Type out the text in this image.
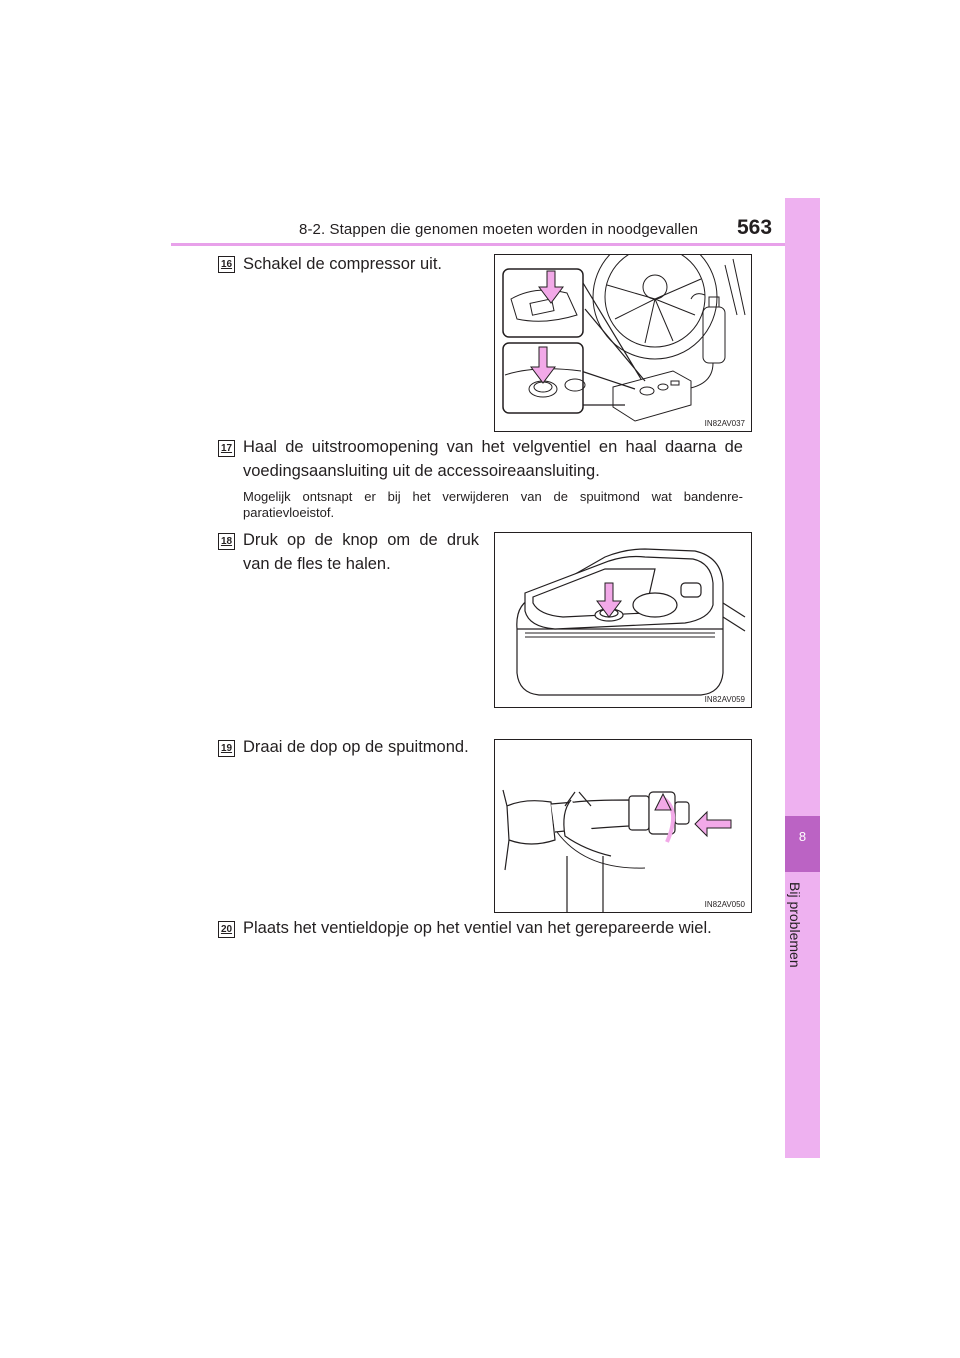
8-2. Stappen die genomen moeten worden in noodgevallen 563
8
Bij problemen
16 Schakel de compressor uit.
IN82AV037
17 Haal de uitstroomopening van het velgventiel en haal daarna de
voedingsaansluiting uit de accessoireaansluiting.
Mogelijk ontsnapt er bij het verwijderen van de spuitmond wat bandenre-
paratievloeistof.
18 Druk op de knop om de druk
van de fles te halen.
IN82AV059
19 Draai de dop op de spuitmond.
IN82AV050
20 Plaats het ventieldopje op het ventiel van het gerepareerde wiel.
